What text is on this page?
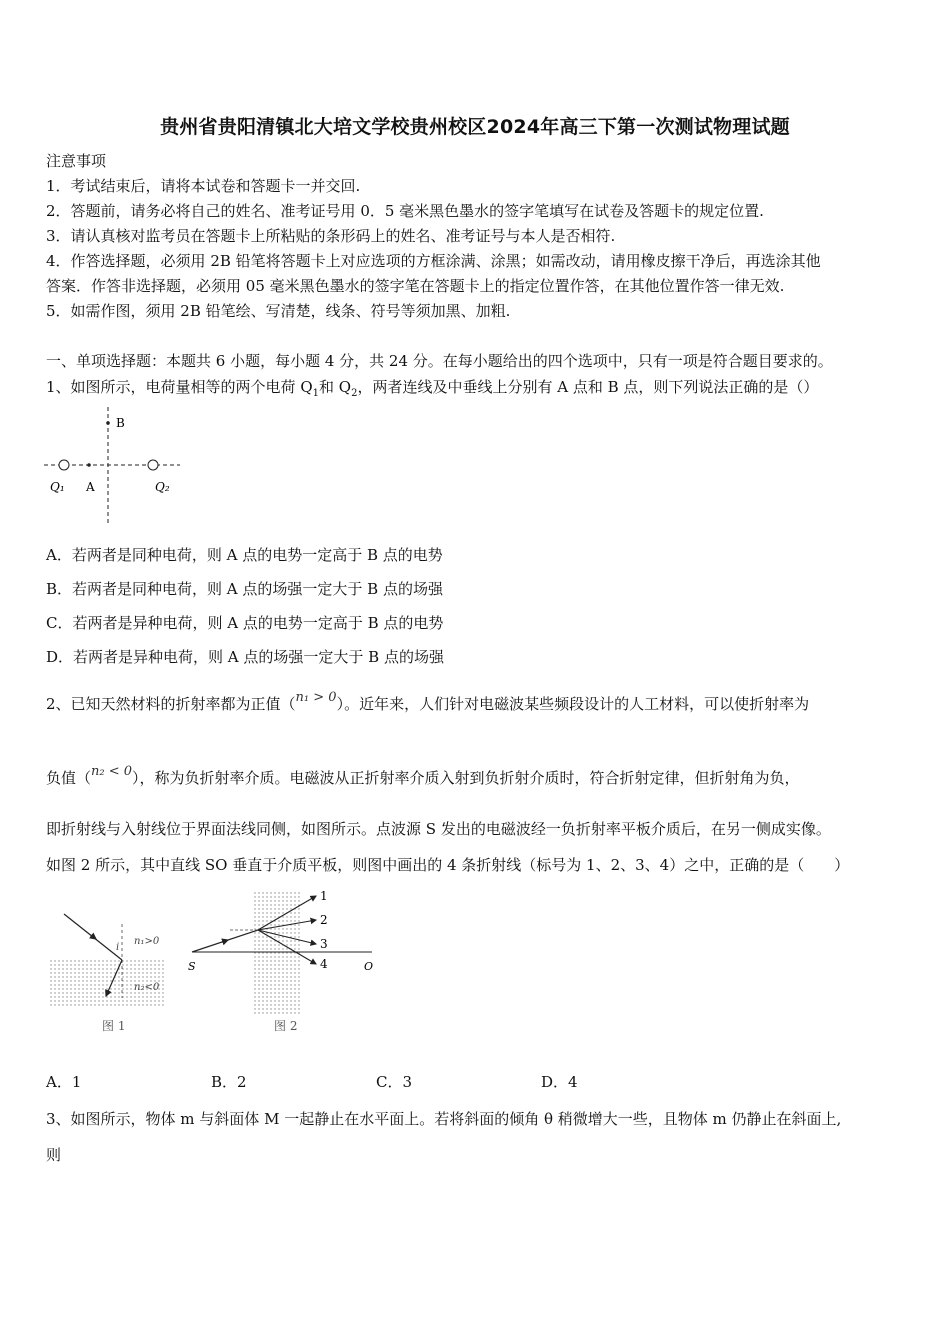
贵州省贵阳清镇北大培文学校贵州校区2024年高三下第一次测试物理试题
注意事项
1．考试结束后，请将本试卷和答题卡一并交回.
2．答题前，请务必将自己的姓名、准考证号用 0．5 毫米黑色墨水的签字笔填写在试卷及答题卡的规定位置.
3．请认真核对监考员在答题卡上所粘贴的条形码上的姓名、准考证号与本人是否相符.
4．作答选择题，必须用 2B 铅笔将答题卡上对应选项的方框涂满、涂黑；如需改动，请用橡皮擦干净后，再选涂其他
答案．作答非选择题，必须用 05 毫米黑色墨水的签字笔在答题卡上的指定位置作答，在其他位置作答一律无效.
5．如需作图，须用 2B 铅笔绘、写清楚，线条、符号等须加黑、加粗.
一、单项选择题：本题共 6 小题，每小题 4 分，共 24 分。在每小题给出的四个选项中，只有一项是符合题目要求的。
1、如图所示，电荷量相等的两个电荷 $Q_1$和 $Q_2$，两者连线及中垂线上分别有 A 点和 B 点，则下列说法正确的是（）
B
Q₁ A	Q₂
A．若两者是同种电荷，则 A 点的电势一定高于 B 点的电势
B．若两者是同种电荷，则 A 点的场强一定大于 B 点的场强
C．若两者是异种电荷，则 A 点的电势一定高于 B 点的电势
D．若两者是异种电荷，则 A 点的场强一定大于 B 点的场强
2、已知天然材料的折射率都为正值（n₁ > 0）。近年来，人们针对电磁波某些频段设计的人工材料，可以使折射率为
负值（n₂ < 0），称为负折射率介质。电磁波从正折射率介质入射到负折射介质时，符合折射定律，但折射角为负，
即折射线与入射线位于界面法线同侧，如图所示。点波源 S 发出的电磁波经一负折射率平板介质后，在另一侧成实像。
如图 2 所示，其中直线 SO 垂直于介质平板，则图中画出的 4 条折射线（标号为 1、2、3、4）之中，正确的是（　　）
i
n₁>0
n₂<0
图 1
1
2
3
4
S	O
图 2
A．1	B．2	C．3	D．4
3、如图所示，物体 m 与斜面体 M 一起静止在水平面上。若将斜面的倾角 θ 稍微增大一些，且物体 m 仍静止在斜面上,
则
